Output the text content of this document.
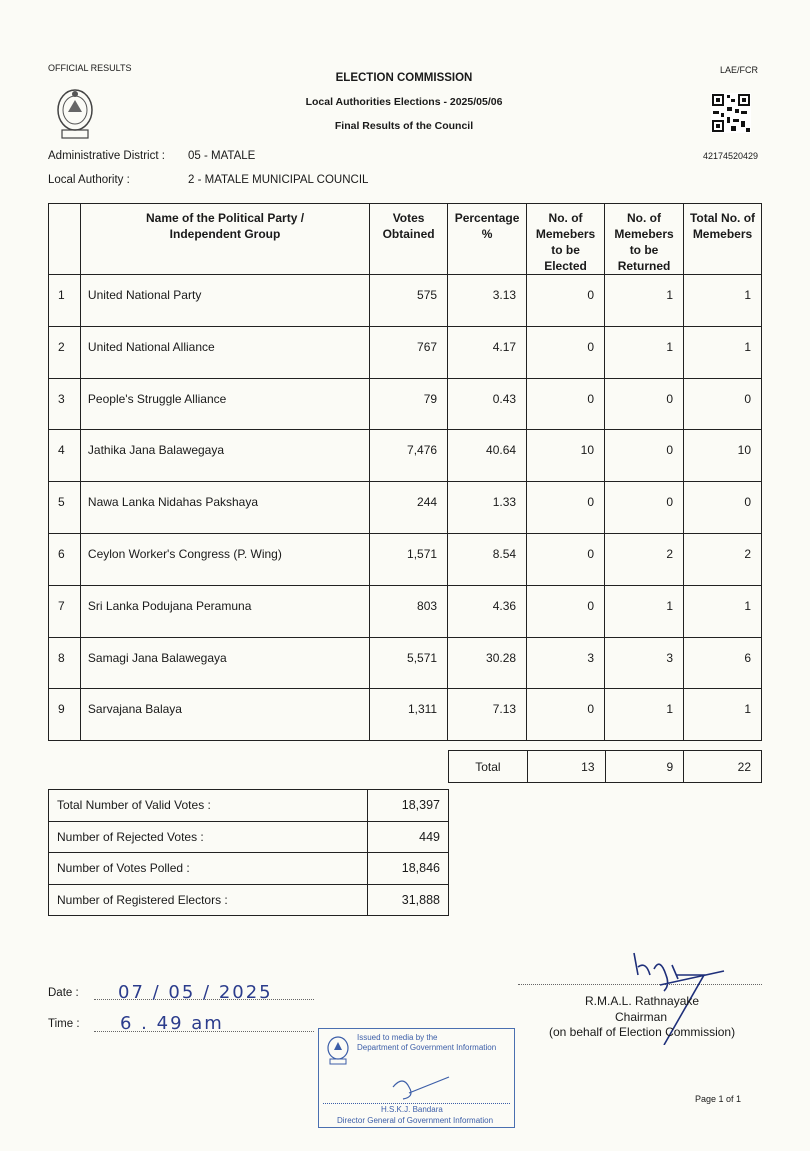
OFFICIAL RESULTS	LAE/FCR
ELECTION COMMISSION
Local Authorities Elections - 2025/05/06
Final Results of the Council
42174520429
Administrative District : 05 - MATALE
Local Authority :	2 - MATALE MUNICIPAL COUNCIL
	Name of the Political Party / Independent Group	Votes Obtained	Percentage %	No. of Memebers to be Elected	No. of Memebers to be Returned	Total No. of Memebers
1	United National Party	575	3.13	0	1	1
2	United National Alliance	767	4.17	0	1	1
3	People's Struggle Alliance	79	0.43	0	0	0
4	Jathika Jana Balawegaya	7,476	40.64	10	0	10
5	Nawa Lanka Nidahas Pakshaya	244	1.33	0	0	0
6	Ceylon Worker's Congress (P. Wing)	1,571	8.54	0	2	2
7	Sri Lanka Podujana Peramuna	803	4.36	0	1	1
8	Samagi Jana Balawegaya	5,571	30.28	3	3	6
9	Sarvajana Balaya	1,311	7.13	0	1	1
Total	13	9	22
Total Number of Valid Votes :	18,397
Number of Rejected Votes :	449
Number of Votes Polled :	18,846
Number of Registered Electors :	31,888
Date : 07 / 05 / 2025
Time : 6 . 49 am
R.M.A.L. Rathnayake
Chairman
(on behalf of Election Commission)
Issued to media by the
Department of Government Information
H.S.K.J. Bandara
Director General of Government Information
Page 1 of 1
